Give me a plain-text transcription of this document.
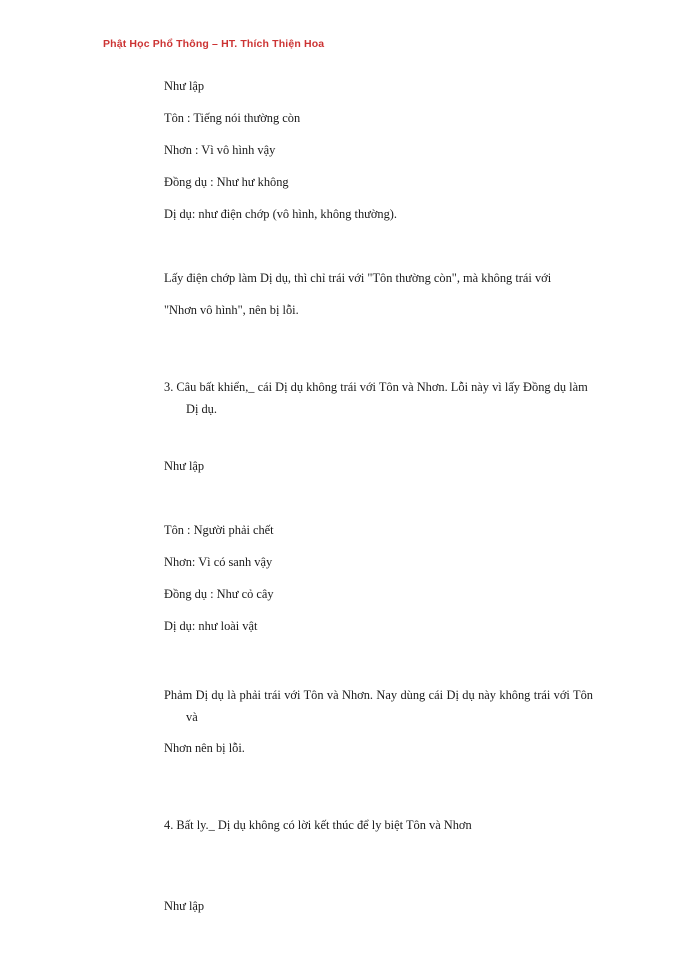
Phật Học Phổ Thông – HT. Thích Thiện Hoa
Như lập
Tôn : Tiếng nói thường còn
Nhơn : Vì vô hình vậy
Đồng dụ : Như hư không
Dị dụ: như điện chớp (vô hình, không thường).
Lấy điện chớp làm Dị dụ, thì chỉ trái với "Tôn thường còn", mà không trái với
"Nhơn vô hình", nên bị lỗi.

3. Câu bất khiển,_ cái Dị dụ không trái với Tôn và Nhơn. Lỗi này vì lấy Đồng dụ làm Dị dụ.

Như lập
Tôn : Người phải chết
Nhơn: Vì có sanh vậy
Đồng dụ : Như cỏ cây
Dị dụ: như loài vật

Phảm Dị dụ là phải trái với Tôn và Nhơn. Nay dùng cái Dị dụ này không trái với Tôn và

Nhơn nên bị lỗi.

4. Bất ly._ Dị dụ không có lời kết thúc để ly biệt Tôn và Nhơn

Như lập
